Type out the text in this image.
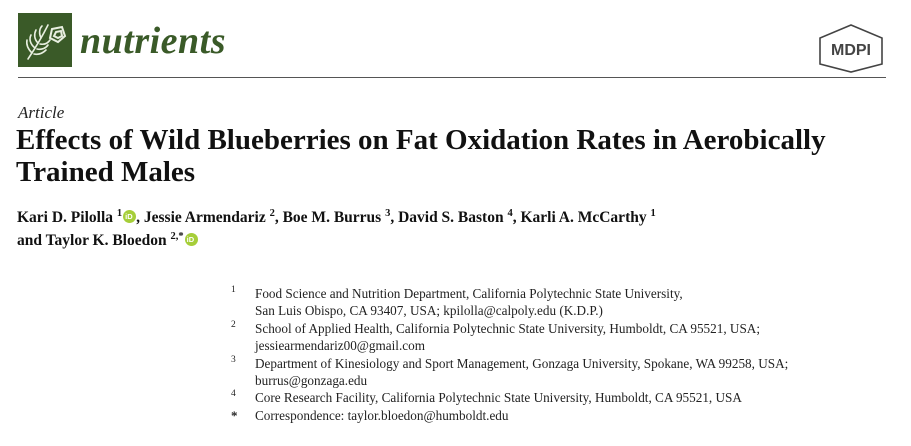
nutrients	MDPI
Article
Effects of Wild Blueberries on Fat Oxidation Rates in Aerobically Trained Males
Kari D. Pilolla $^1$iD , Jessie Armendariz $^2$, Boe M. Burrus $^3$, David S. Baston $^4$, Karli A. McCarthy $^1$
and Taylor K. Bloedon $^{2,*}$iD
1 Food Science and Nutrition Department, California Polytechnic State University,
San Luis Obispo, CA 93407, USA; kpilolla@calpoly.edu (K.D.P.)
2 School of Applied Health, California Polytechnic State University, Humboldt, CA 95521, USA;
jessiearmendariz00@gmail.com
3 Department of Kinesiology and Sport Management, Gonzaga University, Spokane, WA 99258, USA;
burrus@gonzaga.edu
4 Core Research Facility, California Polytechnic State University, Humboldt, CA 95521, USA
* Correspondence: taylor.bloedon@humboldt.edu
